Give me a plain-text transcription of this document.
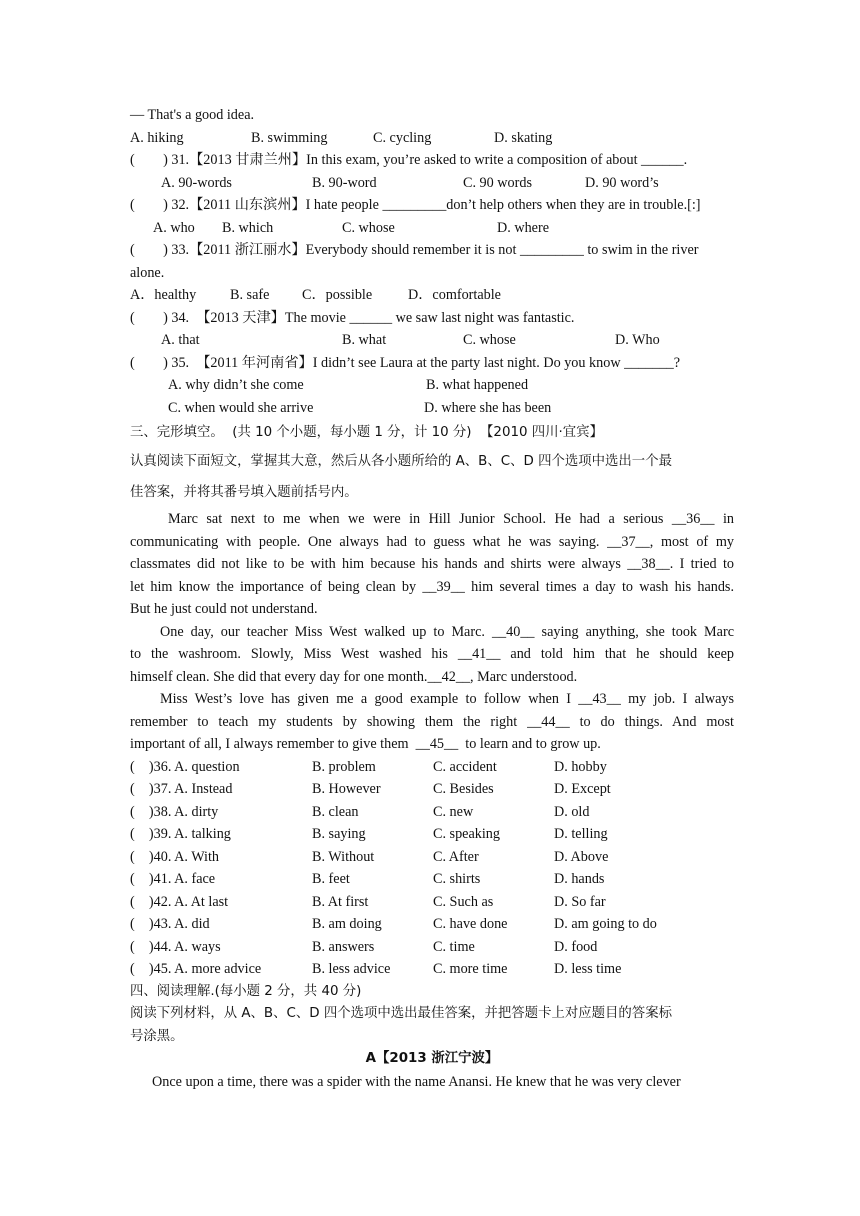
— That's a good idea.

A. hiking

	B. swimming

	C. cycling

	D. skating

(        ) 31.【2013 甘肃兰州】In this exam, you’re asked to write a composition of about ______.

A. 90-words

	B. 90-word

	C. 90 words

	D. 90 word’s

(        ) 32.【2011 山东滨州】I hate people _________don’t help others when they are in trouble.[:]

A. who

B. which

	C. whose

	D. where

(        ) 33.【2011 浙江丽水】Everybody should remember it is not _________ to swim in the river
alone.

A．healthy

B. safe

C．possible

	D．comfortable

(        ) 34.  【2013 天津】The movie ______ we saw last night was fantastic.

A. that

	B. what

	C. whose

	D. Who

(        ) 35.  【2011 年河南省】I didn’t see Laura at the party last night. Do you know _______?

A. why didn’t she come

	B. what happened

C. when would she arrive

	D. where she has been

三、完形填空。  (共 10 个小题，每小题 1 分，计 10 分)  【2010 四川·宜宾】
认真阅读下面短文，掌握其大意，然后从各小题所给的 A、B、C、D 四个选项中选出一个最
佳答案，并将其番号填入题前括号内。
Marc sat next to me when we were in Hill Junior School. He had a serious __36__ in
communicating with people. One always had to guess what he was saying. __37__, most of my
classmates did not like to be with him because his hands and shirts were always __38__. I tried to
let him know the importance of being clean by __39__ him several times a day to wash his hands.
But he just could not understand.
One day, our teacher Miss West walked up to Marc. __40__ saying anything, she took Marc
to the washroom. Slowly, Miss West washed his __41__ and told him that he should keep
himself clean. She did that every day for one month.__42__, Marc understood.
Miss West’s love has given me a good example to follow when I __43__ my job. I always
remember to teach my students by showing them the right __44__ to do things. And most
important of all, I always remember to give them  __45__  to learn and to grow up.
(    )36. A. question	B. problem	C. accident	D. hobby
(    )37. A. Instead	B. However	C. Besides	D. Except
(    )38. A. dirty	B. clean	C. new	D. old
(    )39. A. talking	B. saying	C. speaking	D. telling
(    )40. A. With	B. Without	C. After	D. Above
(    )41. A. face	B. feet	C. shirts	D. hands
(    )42. A. At last	B. At first	C. Such as	D. So far
(    )43. A. did	B. am doing	C. have done	D. am going to do
(    )44. A. ways	B. answers	C. time	D. food
(    )45. A. more advice	B. less advice	C. more time	D. less time
四、阅读理解.(每小题 2 分，共 40 分)
阅读下列材料，从 A、B、C、D 四个选项中选出最佳答案，并把答题卡上对应题目的答案标
号涂黑。
A【2013 浙江宁波】
Once upon a time, there was a spider with the name Anansi. He knew that he was very clever
